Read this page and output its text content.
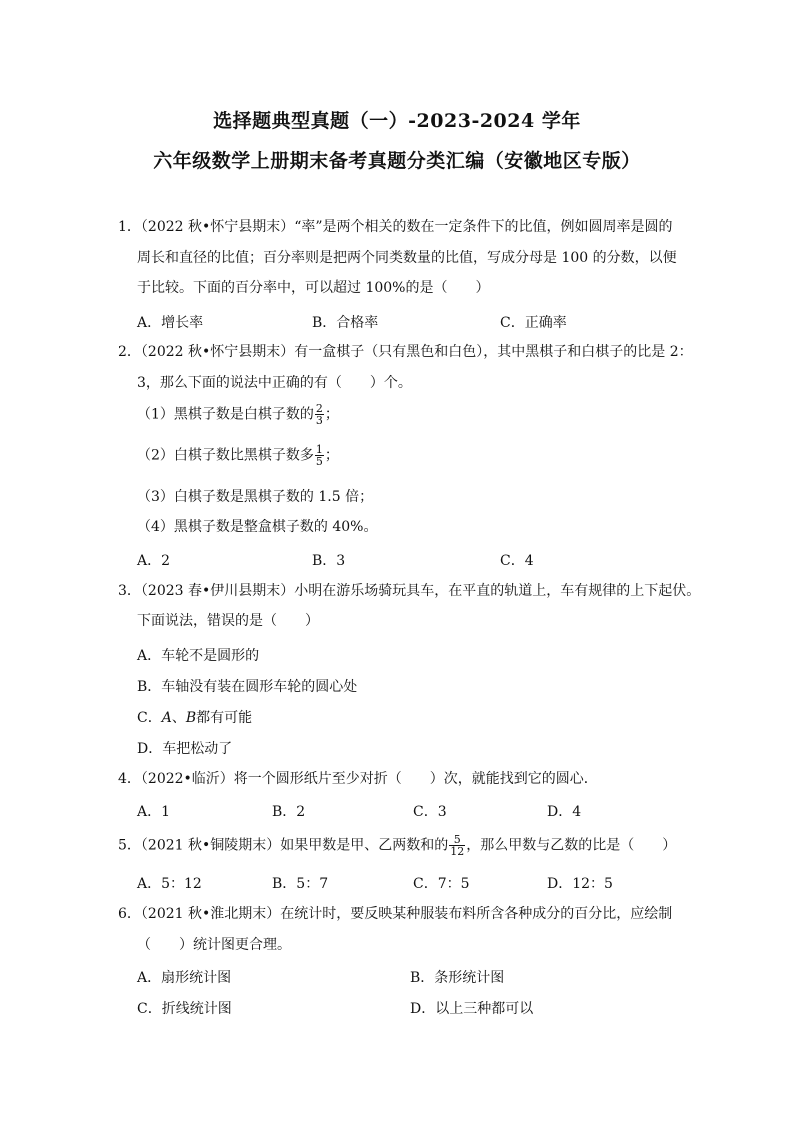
选择题典型真题（一）-2023-2024 学年
六年级数学上册期末备考真题分类汇编（安徽地区专版）
1．（2022 秋•怀宁县期末）“率”是两个相关的数在一定条件下的比值，例如圆周率是圆的
周长和直径的比值；百分率则是把两个同类数量的比值，写成分母是 100 的分数，以便
于比较。下面的百分率中，可以超过 100%的是（　　）
A．增长率	B．合格率	C．正确率
2．（2022 秋•怀宁县期末）有一盒棋子（只有黑色和白色），其中黑棋子和白棋子的比是 2：
3，那么下面的说法中正确的有（　　）个。
（1）黑棋子数是白棋子数的 $\frac{2}{3}$ ；
（2）白棋子数比黑棋子数多 $\frac{1}{5}$ ；
（3）白棋子数是黑棋子数的 1.5 倍；
（4）黑棋子数是整盒棋子数的 40%。
A．2	B．3	C．4
3．（2023 春•伊川县期末）小明在游乐场骑玩具车，在平直的轨道上，车有规律的上下起伏。
下面说法，错误的是（　　）
A．车轮不是圆形的
B．车轴没有装在圆形车轮的圆心处
C．A、B都有可能
D．车把松动了
4．（2022•临沂）将一个圆形纸片至少对折（　　）次，就能找到它的圆心．
A．1	B．2	C．3	D．4
5．（2021 秋•铜陵期末）如果甲数是甲、乙两数和的 $\frac{5}{12}$ ，那么甲数与乙数的比是（　　）
A．5：12	B．5：7	C．7：5	D．12：5
6．（2021 秋•淮北期末）在统计时，要反映某种服装布料所含各种成分的百分比，应绘制
（　　）统计图更合理。
A．扇形统计图	B．条形统计图
C．折线统计图	D．以上三种都可以
